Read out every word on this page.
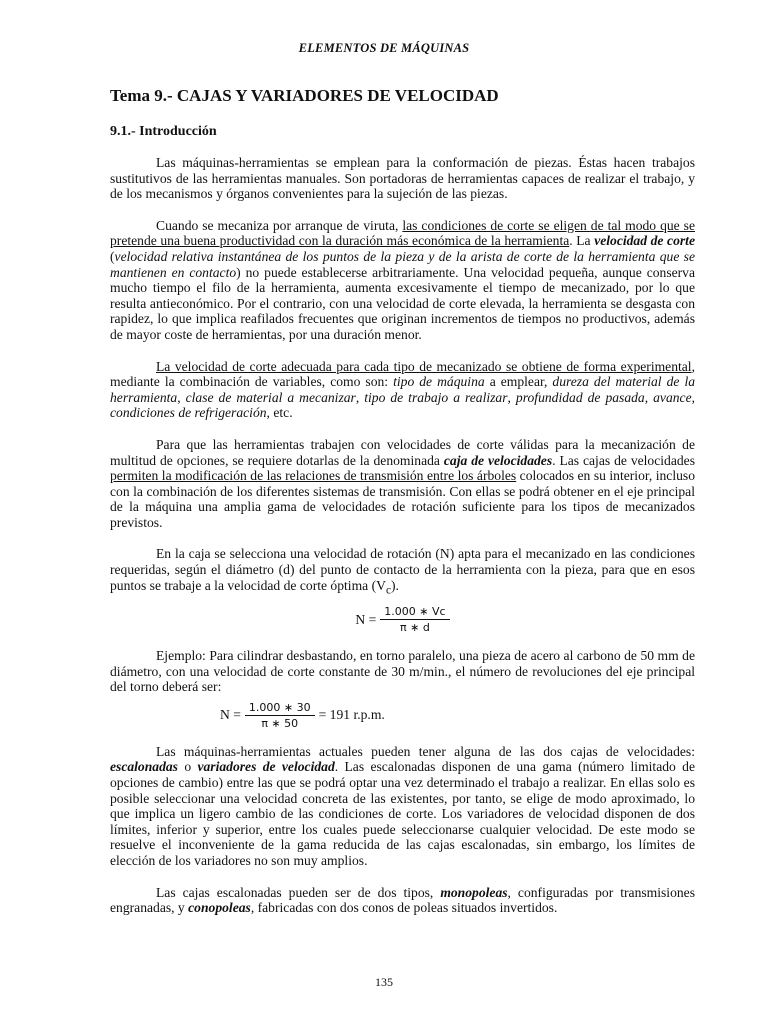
ELEMENTOS DE MÁQUINAS
Tema 9.- CAJAS Y VARIADORES DE VELOCIDAD
9.1.- Introducción

Las máquinas-herramientas se emplean para la conformación de piezas. Éstas hacen trabajos sustitutivos de las herramientas manuales. Son portadoras de herramientas capaces de realizar el trabajo, y de los mecanismos y órganos convenientes para la sujeción de las piezas.

Cuando se mecaniza por arranque de viruta, las condiciones de corte se eligen de tal modo que se pretende una buena productividad con la duración más económica de la herramienta. La velocidad de corte (velocidad relativa instantánea de los puntos de la pieza y de la arista de corte de la herramienta que se mantienen en contacto) no puede establecerse arbitrariamente. Una velocidad pequeña, aunque conserva mucho tiempo el filo de la herramienta, aumenta excesivamente el tiempo de mecanizado, por lo que resulta antieconómico. Por el contrario, con una velocidad de corte elevada, la herramienta se desgasta con rapidez, lo que implica reafilados frecuentes que originan incrementos de tiempos no productivos, además de mayor coste de herramientas, por una duración menor.

La velocidad de corte adecuada para cada tipo de mecanizado se obtiene de forma experimental, mediante la combinación de variables, como son: tipo de máquina a emplear, dureza del material de la herramienta, clase de material a mecanizar, tipo de trabajo a realizar, profundidad de pasada, avance, condiciones de refrigeración, etc.

Para que las herramientas trabajen con velocidades de corte válidas para la mecanización de multitud de opciones, se requiere dotarlas de la denominada caja de velocidades. Las cajas de velocidades permiten la modificación de las relaciones de transmisión entre los árboles colocados en su interior, incluso con la combinación de los diferentes sistemas de transmisión. Con ellas se podrá obtener en el eje principal de la máquina una amplia gama de velocidades de rotación suficiente para los tipos de mecanizados previstos.

En la caja se selecciona una velocidad de rotación (N) apta para el mecanizado en las condiciones requeridas, según el diámetro (d) del punto de contacto de la herramienta con la pieza, para que en esos puntos se trabaje a la velocidad de corte óptima $(V_c)$.

$N = \frac{1.000 ∗ Vc}{\pi ∗ d}$

Ejemplo: Para cilindrar desbastando, en torno paralelo, una pieza de acero al carbono de 50 mm de diámetro, con una velocidad de corte constante de 30 m/min., el número de revoluciones del eje principal del torno deberá ser:

$N = \frac{1.000 ∗ 30}{\pi ∗ 50} = 191$ r.p.m.

Las máquinas-herramientas actuales pueden tener alguna de las dos cajas de velocidades: escalonadas o variadores de velocidad. Las escalonadas disponen de una gama (número limitado de opciones de cambio) entre las que se podrá optar una vez determinado el trabajo a realizar. En ellas solo es posible seleccionar una velocidad concreta de las existentes, por tanto, se elige de modo aproximado, lo que implica un ligero cambio de las condiciones de corte. Los variadores de velocidad disponen de dos límites, inferior y superior, entre los cuales puede seleccionarse cualquier velocidad. De este modo se resuelve el inconveniente de la gama reducida de las cajas escalonadas, sin embargo, los límites de elección de los variadores no son muy amplios.

Las cajas escalonadas pueden ser de dos tipos, monopoleas, configuradas por transmisiones engranadas, y conopoleas, fabricadas con dos conos de poleas situados invertidos.

135
